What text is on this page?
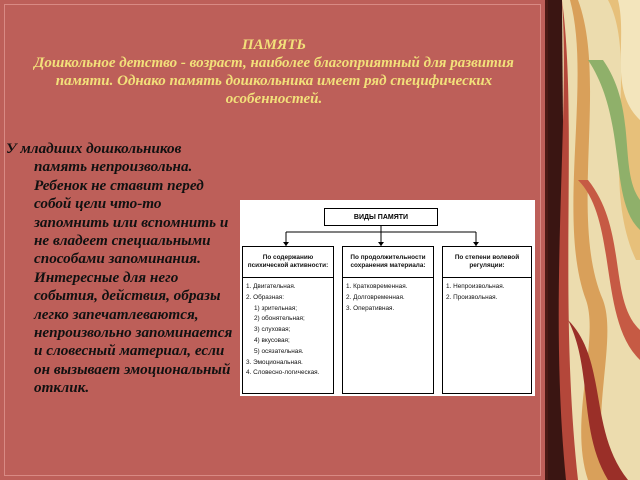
ПАМЯТЬ
Дошкольное детство - возраст, наиболее благоприятный для развития памяти. Однако память дошкольника имеет ряд специфических особенностей.
У младших дошкольников
память непроизвольна. Ребенок не ставит перед собой цели что-то запомнить или вспомнить и не владеет специальными способами запоминания. Интересные для него события, действия, образы легко запечатлеваются, непроизвольно запоминается и словесный материал, если он вызывает эмоциональный отклик.
ВИДЫ ПАМЯТИ
По содержанию психической активности:
1. Двигательная.
2. Образная:
1) зрительная;
2) обонятельная;
3) слуховая;
4) вкусовая;
5) осязательная.
3. Эмоциональная.
4. Словесно-логическая.
По продолжительности сохранения материала:
1. Кратковременная.
2. Долговременная.
3. Оперативная.
По степени волевой регуляции:
1. Непроизвольная.
2. Произвольная.
